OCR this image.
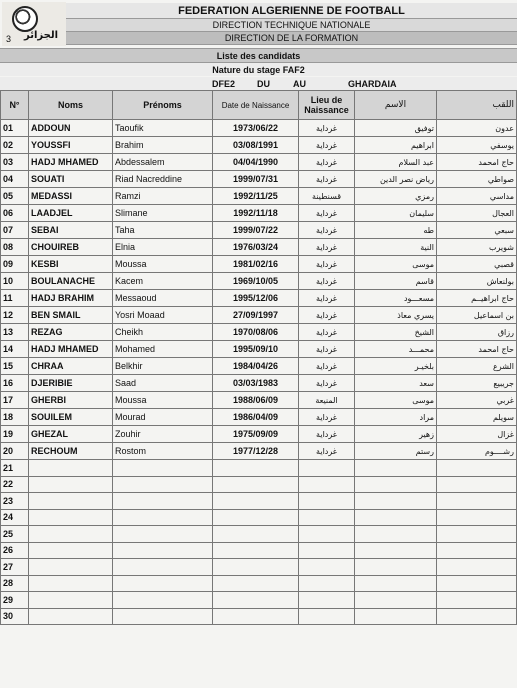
3 الجزائر
FEDERATION ALGERIENNE DE FOOTBALL
DIRECTION TECHNIQUE NATIONALE
DIRECTION DE LA FORMATION
Liste des candidats
Nature du stage FAF2
DFE2 DU	AU	GHARDAIA
N°	Noms	Prénoms	Date de Naissance	Lieu de Naissance	الاسم	اللقب
01	ADDOUN	Taoufik	1973/06/22	غرداية	توفيق	عدون
02	YOUSSFI	Brahim	03/08/1991	غرداية	ابراهيم	يوسفي
03	HADJ MHAMED	Abdessalem	04/04/1990	غرداية	عبد السلام	حاج امحمد
04	SOUATI	Riad Nacreddine	1999/07/31	غرداية	رياض نصر الدين	صواطي
05	MEDASSI	Ramzi	1992/11/25	قسنطينة	رمزي	مداسي
06	LAADJEL	Slimane	1992/11/18	غرداية	سليمان	العجال
07	SEBAI	Taha	1999/07/22	غرداية	طه	سبعي
08	CHOUIREB	Elnia	1976/03/24	غرداية	النية	شويرب
09	KESBI	Moussa	1981/02/16	غرداية	موسى	قصبي
10	BOULANACHE	Kacem	1969/10/05	غرداية	قاسم	بولنعاش
11	HADJ BRAHIM	Messaoud	1995/12/06	غرداية	مسعـــود	حاج ابراهيــم
12	BEN SMAIL	Yosri Moaad	27/09/1997	غرداية	يسري معاذ	بن اسماعيل
13	REZAG	Cheikh	1970/08/06	غرداية	الشيخ	رزاق
14	HADJ MHAMED	Mohamed	1995/09/10	غرداية	محمـــد	حاج امحمد
15	CHRAA	Belkhir	1984/04/26	غرداية	بلخيـر	الشرع
16	DJERIBIE	Saad	03/03/1983	غرداية	سعد	جريبيع
17	GHERBI	Moussa	1988/06/09	المنيعة	موسى	غربي
18	SOUILEM	Mourad	1986/04/09	غرداية	مراد	سويلم
19	GHEZAL	Zouhir	1975/09/09	غرداية	زهير	غزال
20	RECHOUM	Rostom	1977/12/28	غرداية	رستم	رشــــوم
21						
22						
23						
24						
25						
26						
27						
28						
29						
30						
